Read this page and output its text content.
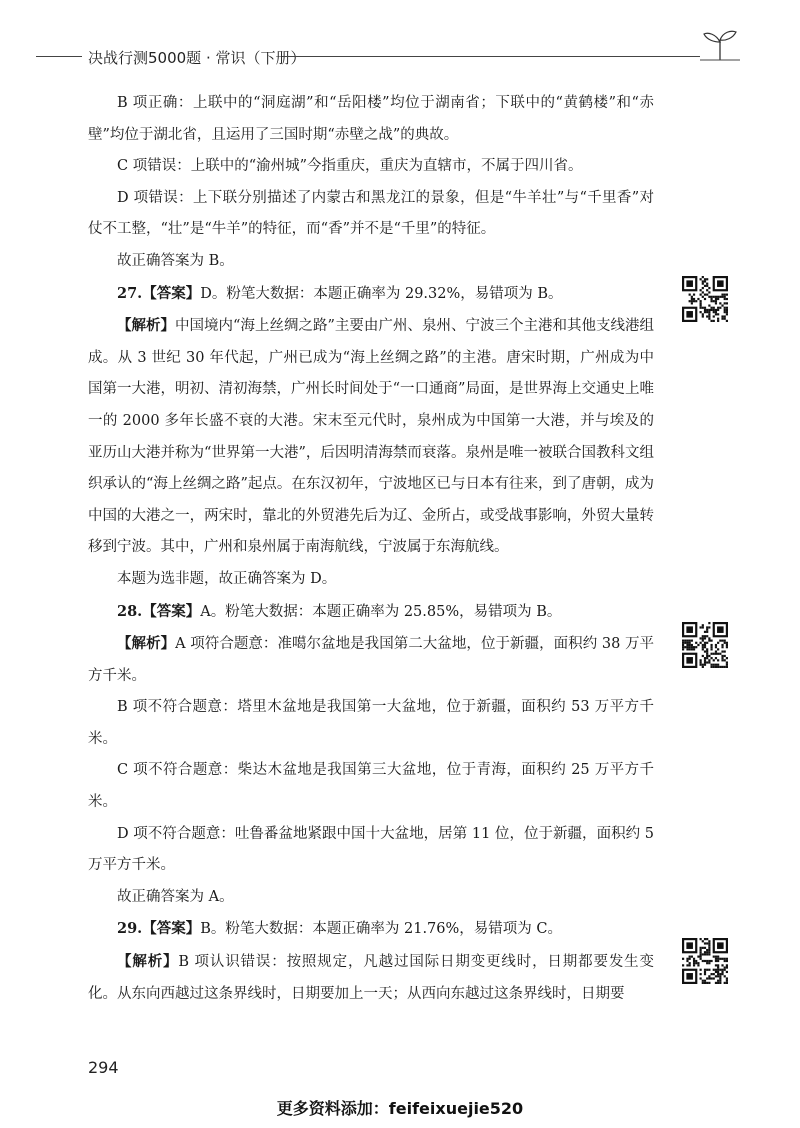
决战行测5000题 · 常识（下册）

B 项正确：上联中的“洞庭湖”和“岳阳楼”均位于湖南省；下联中的“黄鹤楼”和“赤壁”均位于湖北省，且运用了三国时期“赤壁之战”的典故。

C 项错误：上联中的“渝州城”今指重庆，重庆为直辖市，不属于四川省。

D 项错误：上下联分别描述了内蒙古和黑龙江的景象，但是“牛羊壮”与“千里香”对仗不工整，“壮”是“牛羊”的特征，而“香”并不是“千里”的特征。

故正确答案为 B。

27.【答案】D。粉笔大数据：本题正确率为 29.32%，易错项为 B。

【解析】中国境内“海上丝绸之路”主要由广州、泉州、宁波三个主港和其他支线港组成。从 3 世纪 30 年代起，广州已成为“海上丝绸之路”的主港。唐宋时期，广州成为中国第一大港，明初、清初海禁，广州长时间处于“一口通商”局面，是世界海上交通史上唯一的 2000 多年长盛不衰的大港。宋末至元代时，泉州成为中国第一大港，并与埃及的亚历山大港并称为“世界第一大港”，后因明清海禁而衰落。泉州是唯一被联合国教科文组织承认的“海上丝绸之路”起点。在东汉初年，宁波地区已与日本有往来，到了唐朝，成为中国的大港之一，两宋时，靠北的外贸港先后为辽、金所占，或受战事影响，外贸大量转移到宁波。其中，广州和泉州属于南海航线，宁波属于东海航线。

本题为选非题，故正确答案为 D。

28.【答案】A。粉笔大数据：本题正确率为 25.85%，易错项为 B。

【解析】A 项符合题意：准噶尔盆地是我国第二大盆地，位于新疆，面积约 38 万平方千米。

B 项不符合题意：塔里木盆地是我国第一大盆地，位于新疆，面积约 53 万平方千米。

C 项不符合题意：柴达木盆地是我国第三大盆地，位于青海，面积约 25 万平方千米。

D 项不符合题意：吐鲁番盆地紧跟中国十大盆地，居第 11 位，位于新疆，面积约 5 万平方千米。

故正确答案为 A。

29.【答案】B。粉笔大数据：本题正确率为 21.76%，易错项为 C。

【解析】B 项认识错误：按照规定，凡越过国际日期变更线时，日期都要发生变化。从东向西越过这条界线时，日期要加上一天；从西向东越过这条界线时，日期要

294
更多资料添加：feifeixuejie520
